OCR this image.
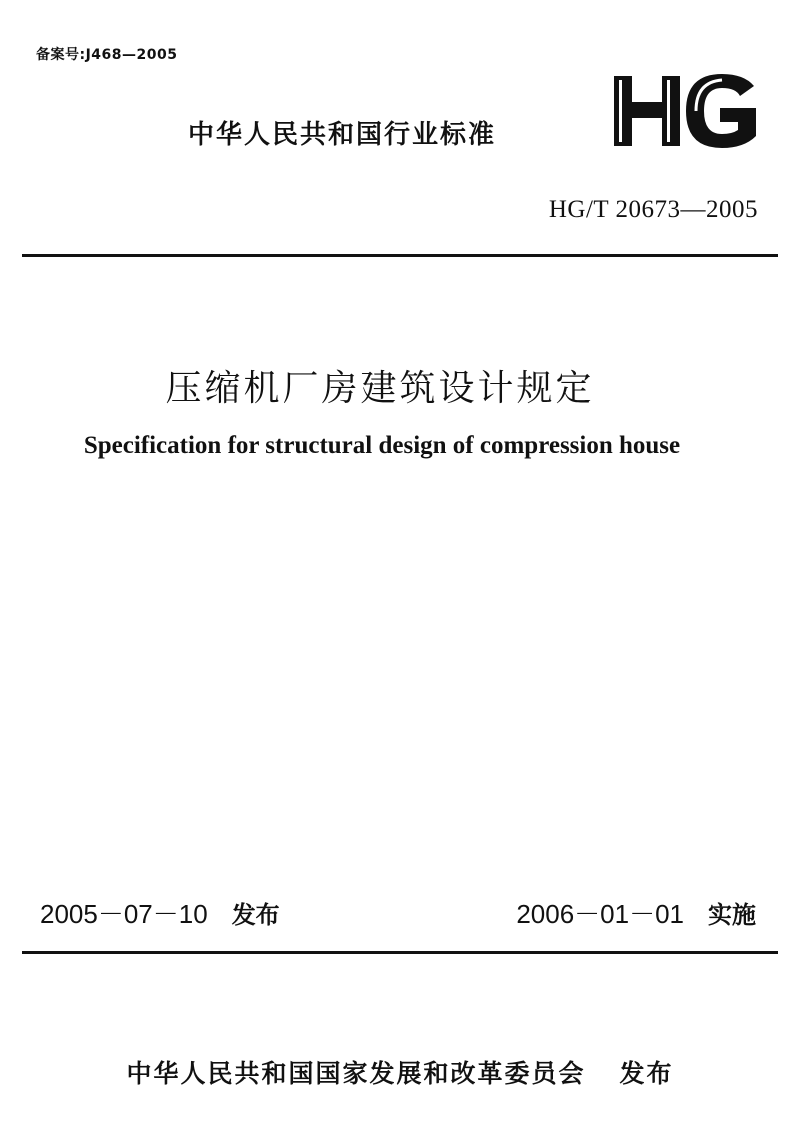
备案号:J468—2005
中华人民共和国行业标准
HG/T 20673—2005
压缩机厂房建筑设计规定
Specification for structural design of compression house
2005－07－10 发布	2006－01－01 实施
中华人民共和国国家发展和改革委员会 发布
